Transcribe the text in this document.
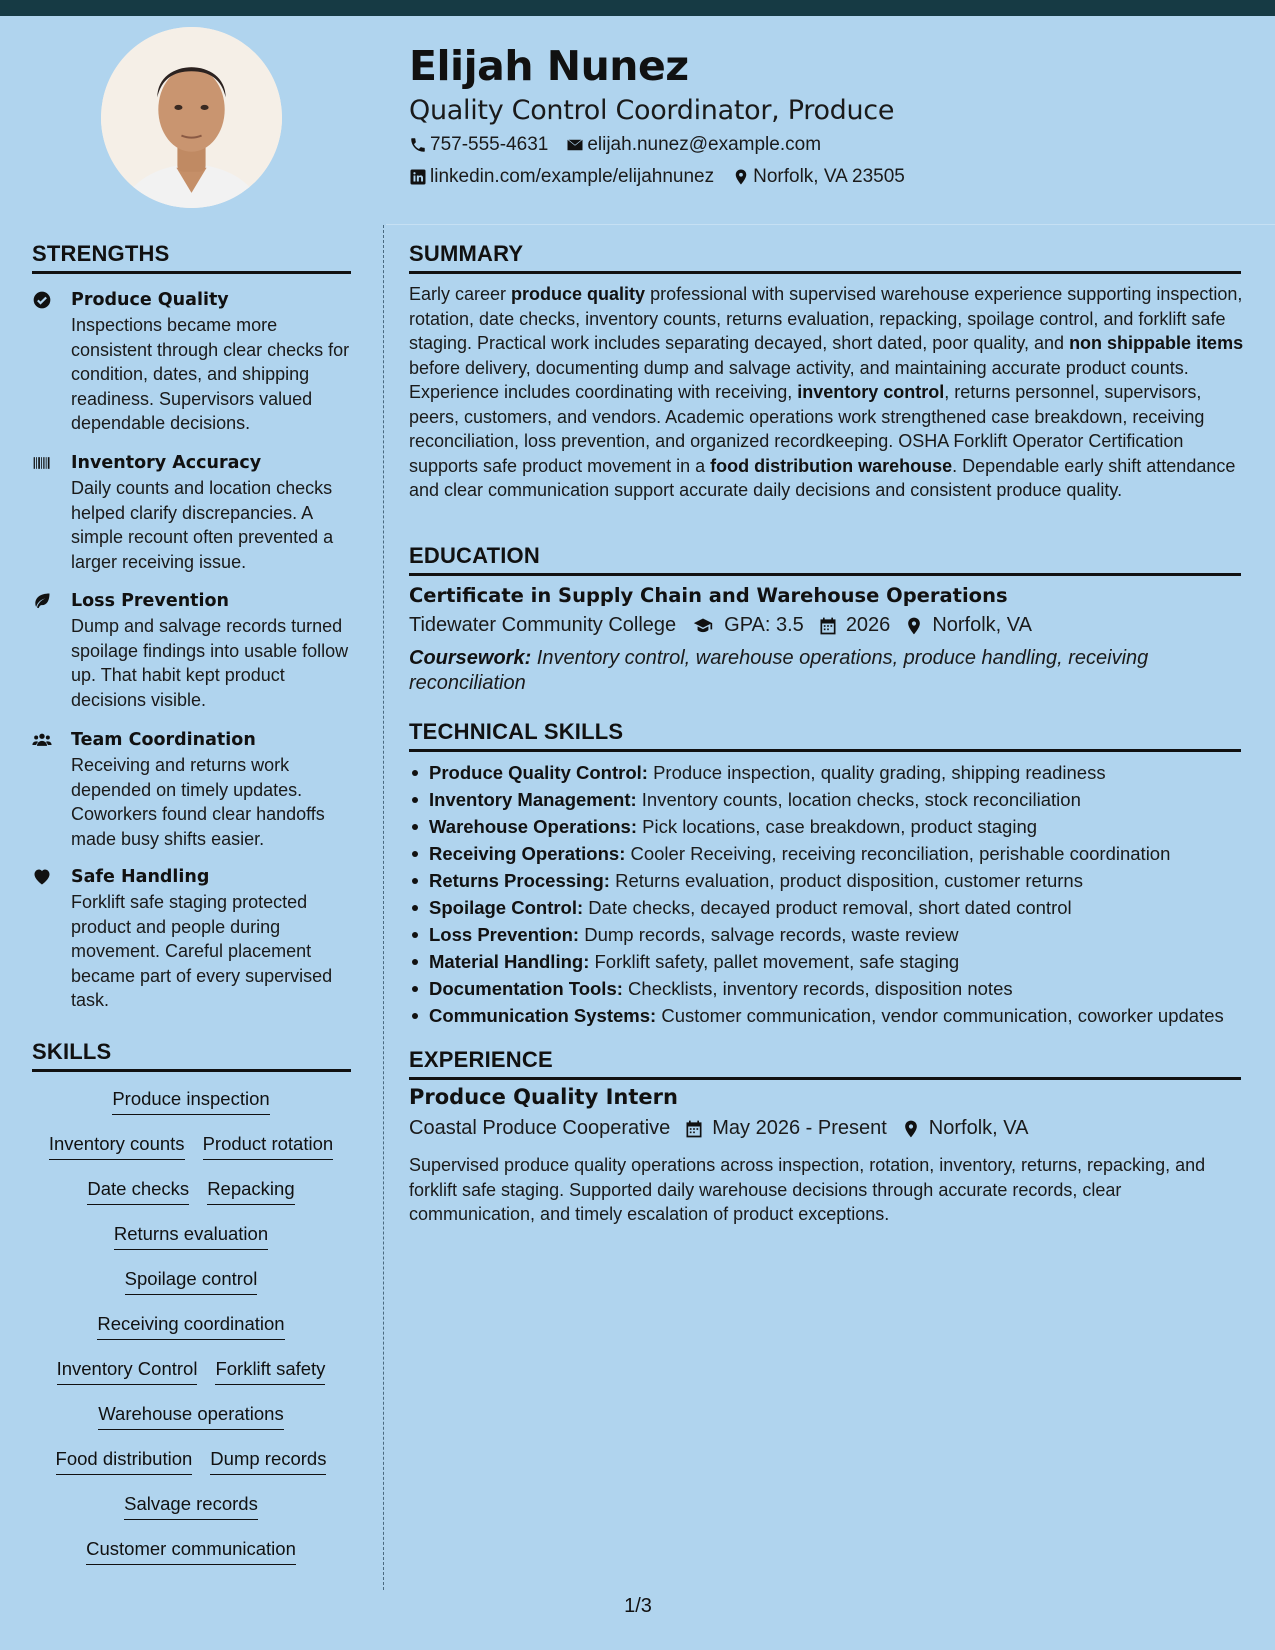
Elijah Nunez
Quality Control Coordinator, Produce
757-555-4631 elijah.nunez@example.com
linkedin.com/example/elijahnunez Norfolk, VA 23505
STRENGTHS
Produce Quality
Inspections became more consistent through clear checks for condition, dates, and shipping readiness. Supervisors valued dependable decisions.
Inventory Accuracy
Daily counts and location checks helped clarify discrepancies. A simple recount often prevented a larger receiving issue.
Loss Prevention
Dump and salvage records turned spoilage findings into usable follow up. That habit kept product decisions visible.
Team Coordination
Receiving and returns work depended on timely updates. Coworkers found clear handoffs made busy shifts easier.
Safe Handling
Forklift safe staging protected product and people during movement. Careful placement became part of every supervised task.
SKILLS
Produce inspection
Inventory counts Product rotation
Date checks Repacking
Returns evaluation
Spoilage control
Receiving coordination
Inventory Control Forklift safety
Warehouse operations
Food distribution Dump records
Salvage records
Customer communication
SUMMARY
Early career produce quality professional with supervised warehouse experience supporting inspection, rotation, date checks, inventory counts, returns evaluation, repacking, spoilage control, and forklift safe staging. Practical work includes separating decayed, short dated, poor quality, and non shippable items before delivery, documenting dump and salvage activity, and maintaining accurate product counts. Experience includes coordinating with receiving, inventory control, returns personnel, supervisors, peers, customers, and vendors. Academic operations work strengthened case breakdown, receiving reconciliation, loss prevention, and organized recordkeeping. OSHA Forklift Operator Certification supports safe product movement in a food distribution warehouse. Dependable early shift attendance and clear communication support accurate daily decisions and consistent produce quality.
EDUCATION
Certificate in Supply Chain and Warehouse Operations
Tidewater Community College GPA: 3.5 2026 Norfolk, VA
Coursework: Inventory control, warehouse operations, produce handling, receiving reconciliation
TECHNICAL SKILLS
Produce Quality Control: Produce inspection, quality grading, shipping readiness
Inventory Management: Inventory counts, location checks, stock reconciliation
Warehouse Operations: Pick locations, case breakdown, product staging
Receiving Operations: Cooler Receiving, receiving reconciliation, perishable coordination
Returns Processing: Returns evaluation, product disposition, customer returns
Spoilage Control: Date checks, decayed product removal, short dated control
Loss Prevention: Dump records, salvage records, waste review
Material Handling: Forklift safety, pallet movement, safe staging
Documentation Tools: Checklists, inventory records, disposition notes
Communication Systems: Customer communication, vendor communication, coworker updates
EXPERIENCE
Produce Quality Intern
Coastal Produce Cooperative May 2026 - Present Norfolk, VA
Supervised produce quality operations across inspection, rotation, inventory, returns, repacking, and forklift safe staging. Supported daily warehouse decisions through accurate records, clear communication, and timely escalation of product exceptions.
1/3
